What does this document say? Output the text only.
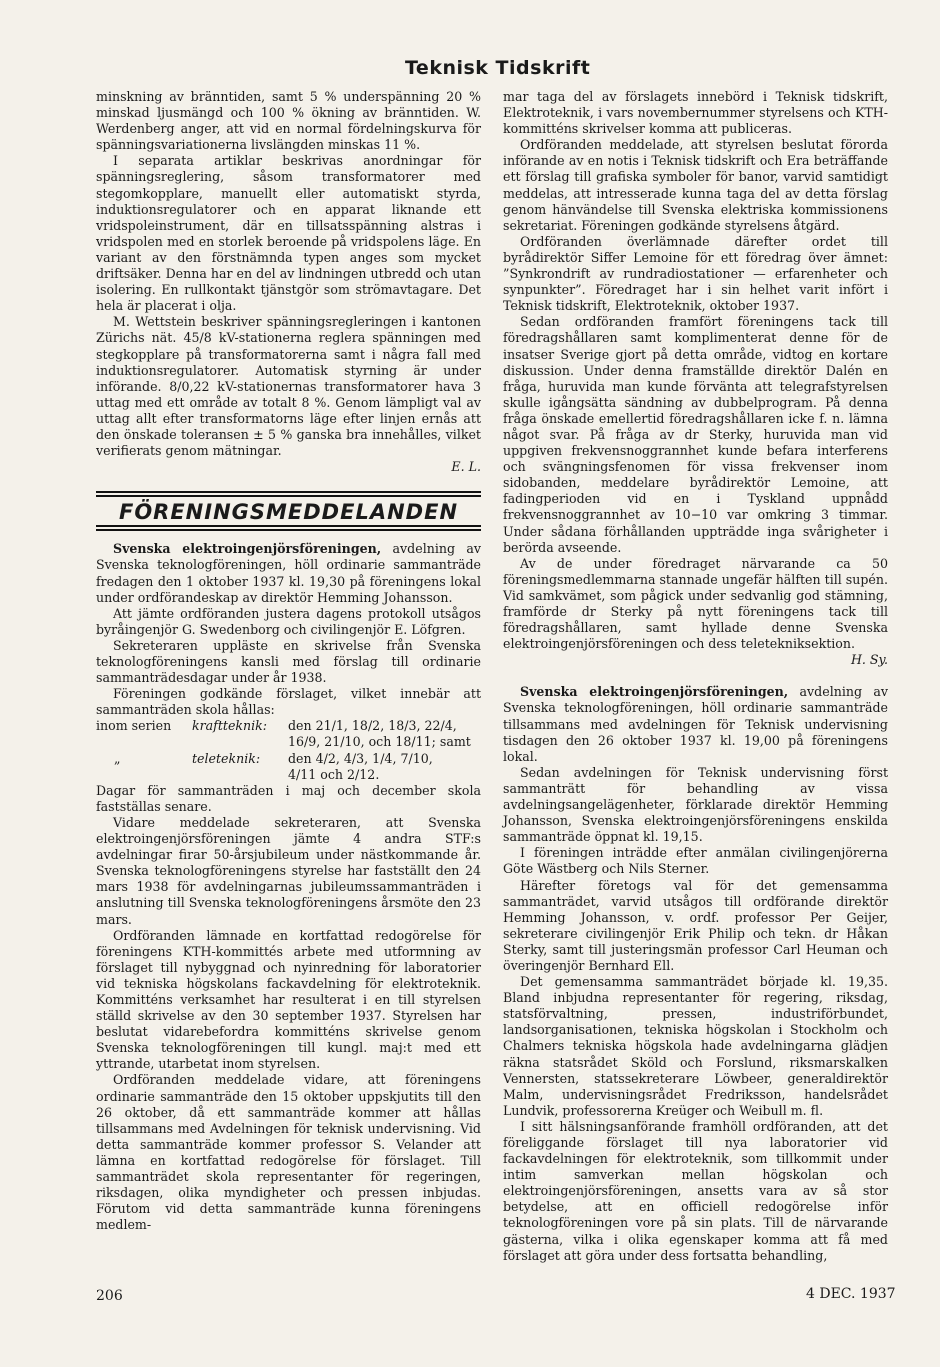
Teknisk Tidskrift

minskning av bränntiden, samt 5 % underspänning 20 % minskad ljusmängd och 100 % ökning av bränntiden. W. Werdenberg anger, att vid en normal fördelningskurva för spänningsvariationerna livslängden minskas 11 %.

I separata artiklar beskrivas anordningar för spänningsreglering, såsom transformatorer med stegomkopplare, manuellt eller automatiskt styrda, induktionsregulatorer och en apparat liknande ett vridspoleinstrument, där en tillsatsspänning alstras i vridspolen med en storlek beroende på vridspolens läge. En variant av den förstnämnda typen anges som mycket driftsäker. Denna har en del av lindningen utbredd och utan isolering. En rullkontakt tjänstgör som strömavtagare. Det hela är placerat i olja.

M. Wettstein beskriver spänningsregleringen i kantonen Zürichs nät. 45/8 kV-stationerna reglera spänningen med stegkopplare på transformatorerna samt i några fall med induktionsregulatorer. Automatisk styrning är under införande. 8/0,22 kV-stationernas transformatorer hava 3 uttag med ett område av totalt 8 %. Genom lämpligt val av uttag allt efter transformatorns läge efter linjen ernås att den önskade toleransen ± 5 % ganska bra innehålles, vilket verifierats genom mätningar.

E. L.

FÖRENINGSMEDDELANDEN

Svenska elektroingenjörsföreningen, avdelning av Svenska teknologföreningen, höll ordinarie sammanträde fredagen den 1 oktober 1937 kl. 19,30 på föreningens lokal under ordförandeskap av direktör Hemming Johansson.

Att jämte ordföranden justera dagens protokoll utsågos byråingenjör G. Swedenborg och civilingenjör E. Löfgren.

Sekreteraren uppläste en skrivelse från Svenska teknologföreningens kansli med förslag till ordinarie sammanträdesdagar under år 1938.

Föreningen godkände förslaget, vilket innebär att sammanträden skola hållas:

inom serien	kraftteknik:	den 21/1, 18/2, 18/3, 22/4,
16/9, 21/10, och 18/11; samt
„	teleteknik:	den 4/2, 4/3, 1/4, 7/10,
4/11 och 2/12.

Dagar för sammanträden i maj och december skola fastställas senare.

Vidare meddelade sekreteraren, att Svenska elektroingenjörsföreningen jämte 4 andra STF:s avdelningar firar 50-årsjubileum under nästkommande år. Svenska teknologföreningens styrelse har fastställt den 24 mars 1938 för avdelningarnas jubileumssammanträden i anslutning till Svenska teknologföreningens årsmöte den 23 mars.

Ordföranden lämnade en kortfattad redogörelse för föreningens KTH-kommittés arbete med utformning av förslaget till nybyggnad och nyinredning för laboratorier vid tekniska högskolans fackavdelning för elektroteknik. Kommitténs verksamhet har resulterat i en till styrelsen ställd skrivelse av den 30 september 1937. Styrelsen har beslutat vidarebefordra kommitténs skrivelse genom Svenska teknologföreningen till kungl. maj:t med ett yttrande, utarbetat inom styrelsen.

Ordföranden meddelade vidare, att föreningens ordinarie sammanträde den 15 oktober uppskjutits till den 26 oktober, då ett sammanträde kommer att hållas tillsammans med Avdelningen för teknisk undervisning. Vid detta sammanträde kommer professor S. Velander att lämna en kortfattad redogörelse för förslaget. Till sammanträdet skola representanter för regeringen, riksdagen, olika myndigheter och pressen inbjudas. Förutom vid detta sammanträde kunna föreningens medlem-

mar taga del av förslagets innebörd i Teknisk tidskrift, Elektroteknik, i vars novembernummer styrelsens och KTH-kommitténs skrivelser komma att publiceras.

Ordföranden meddelade, att styrelsen beslutat förorda införande av en notis i Teknisk tidskrift och Era beträffande ett förslag till grafiska symboler för banor, varvid samtidigt meddelas, att intresserade kunna taga del av detta förslag genom hänvändelse till Svenska elektriska kommissionens sekretariat. Föreningen godkände styrelsens åtgärd.

Ordföranden överlämnade därefter ordet till byrådirektör Siffer Lemoine för ett föredrag över ämnet: ”Synkrondrift av rundradiostationer — erfarenheter och synpunkter”. Föredraget har i sin helhet varit infört i Teknisk tidskrift, Elektroteknik, oktober 1937.

Sedan ordföranden framfört föreningens tack till föredragshållaren samt komplimenterat denne för de insatser Sverige gjort på detta område, vidtog en kortare diskussion. Under denna framställde direktör Dalén en fråga, huruvida man kunde förvänta att telegrafstyrelsen skulle igångsätta sändning av dubbelprogram. På denna fråga önskade emellertid föredragshållaren icke f. n. lämna något svar. På fråga av dr Sterky, huruvida man vid uppgiven frekvensnoggrannhet kunde befara interferens och svängningsfenomen för vissa frekvenser inom sidobanden, meddelare byrådirektör Lemoine, att fadingperioden vid en i Tyskland uppnådd frekvensnoggrannhet av 10−10 var omkring 3 timmar. Under sådana förhållanden uppträdde inga svårigheter i berörda avseende.

Av de under föredraget närvarande ca 50 föreningsmedlemmarna stannade ungefär hälften till supén. Vid samkvämet, som pågick under sedvanlig god stämning, framförde dr Sterky på nytt föreningens tack till föredragshållaren, samt hyllade denne Svenska elektroingenjörsföreningen och dess teletekniksektion.

H. Sy.

Svenska elektroingenjörsföreningen, avdelning av Svenska teknologföreningen, höll ordinarie sammanträde tillsammans med avdelningen för Teknisk undervisning tisdagen den 26 oktober 1937 kl. 19,00 på föreningens lokal.

Sedan avdelningen för Teknisk undervisning först sammanträtt för behandling av vissa avdelningsangelägenheter, förklarade direktör Hemming Johansson, Svenska elektroingenjörsföreningens enskilda sammanträde öppnat kl. 19,15.

I föreningen inträdde efter anmälan civilingenjörerna Göte Wästberg och Nils Sterner.

Härefter företogs val för det gemensamma sammanträdet, varvid utsågos till ordförande direktör Hemming Johansson, v. ordf. professor Per Geijer, sekreterare civilingenjör Erik Philip och tekn. dr Håkan Sterky, samt till justeringsmän professor Carl Heuman och överingenjör Bernhard Ell.

Det gemensamma sammanträdet började kl. 19,35. Bland inbjudna representanter för regering, riksdag, statsförvaltning, pressen, industriförbundet, landsorganisationen, tekniska högskolan i Stockholm och Chalmers tekniska högskola hade avdelningarna glädjen räkna statsrådet Sköld och Forslund, riksmarskalken Vennersten, statssekreterare Löwbeer, generaldirektör Malm, undervisningsrådet Fredriksson, handelsrådet Lundvik, professorerna Kreüger och Weibull m. fl.

I sitt hälsningsanförande framhöll ordföranden, att det föreliggande förslaget till nya laboratorier vid fackavdelningen för elektroteknik, som tillkommit under intim samverkan mellan högskolan och elektroingenjörsföreningen, ansetts vara av så stor betydelse, att en officiell redogörelse inför teknologföreningen vore på sin plats. Till de närvarande gästerna, vilka i olika egenskaper komma att få med förslaget att göra under dess fortsatta behandling,

206	4 DEC. 1937
